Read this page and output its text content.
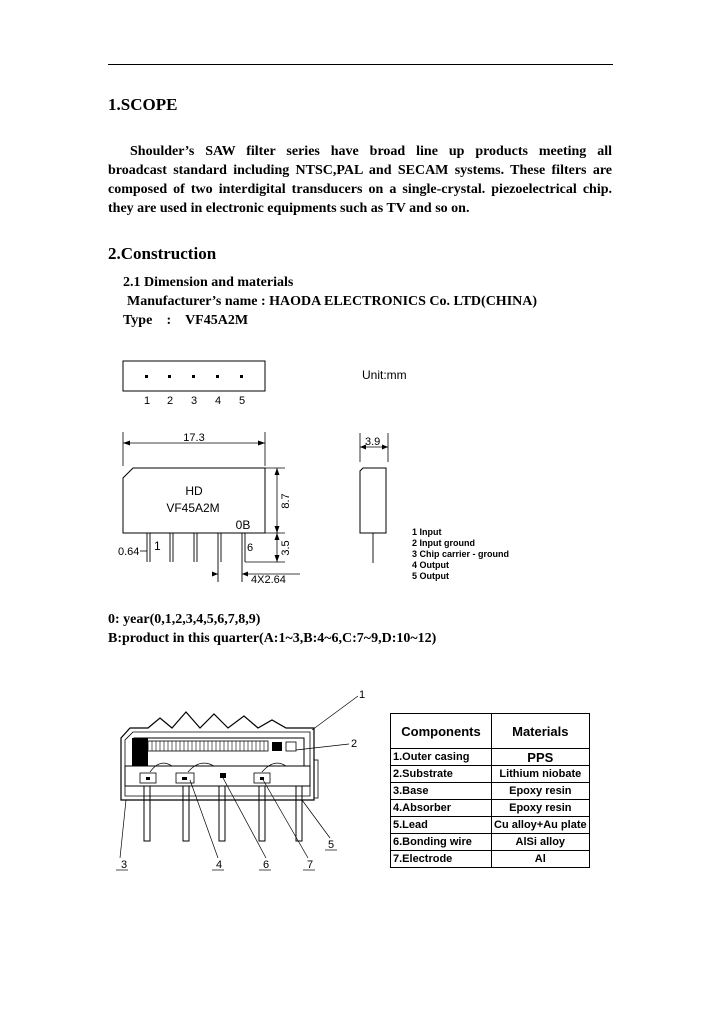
1.SCOPE

Shoulder’s SAW filter series have broad line up products meeting all
broadcast standard including NTSC,PAL and SECAM systems. These filters are
composed of two interdigital transducers on a single-crystal. piezoelectrical chip.
they are used in electronic equipments such as TV and so on.

2.Construction
2.1 Dimension and materials
Manufacturer’s name : HAODA ELECTRONICS Co. LTD(CHINA)
Type : VF45A2M
1 2 3 4 5
Unit:mm
17.3
HD
VF45A2M
0B
1	6
0.64
8.7
3.5
4X2.64
3.9
1 Input
2 Input ground
3 Chip carrier - ground
4 Output
5 Output
0: year(0,1,2,3,4,5,6,7,8,9)
B:product in this quarter(A:1~3,B:4~6,C:7~9,D:10~12)
1
2
3	4	6	7
5
Components	Materials
1.Outer casing	PPS
2.Substrate	Lithium niobate
3.Base	Epoxy resin
4.Absorber	Epoxy resin
5.Lead	Cu alloy+Au plate
6.Bonding wire	AlSi alloy
7.Electrode	Al
